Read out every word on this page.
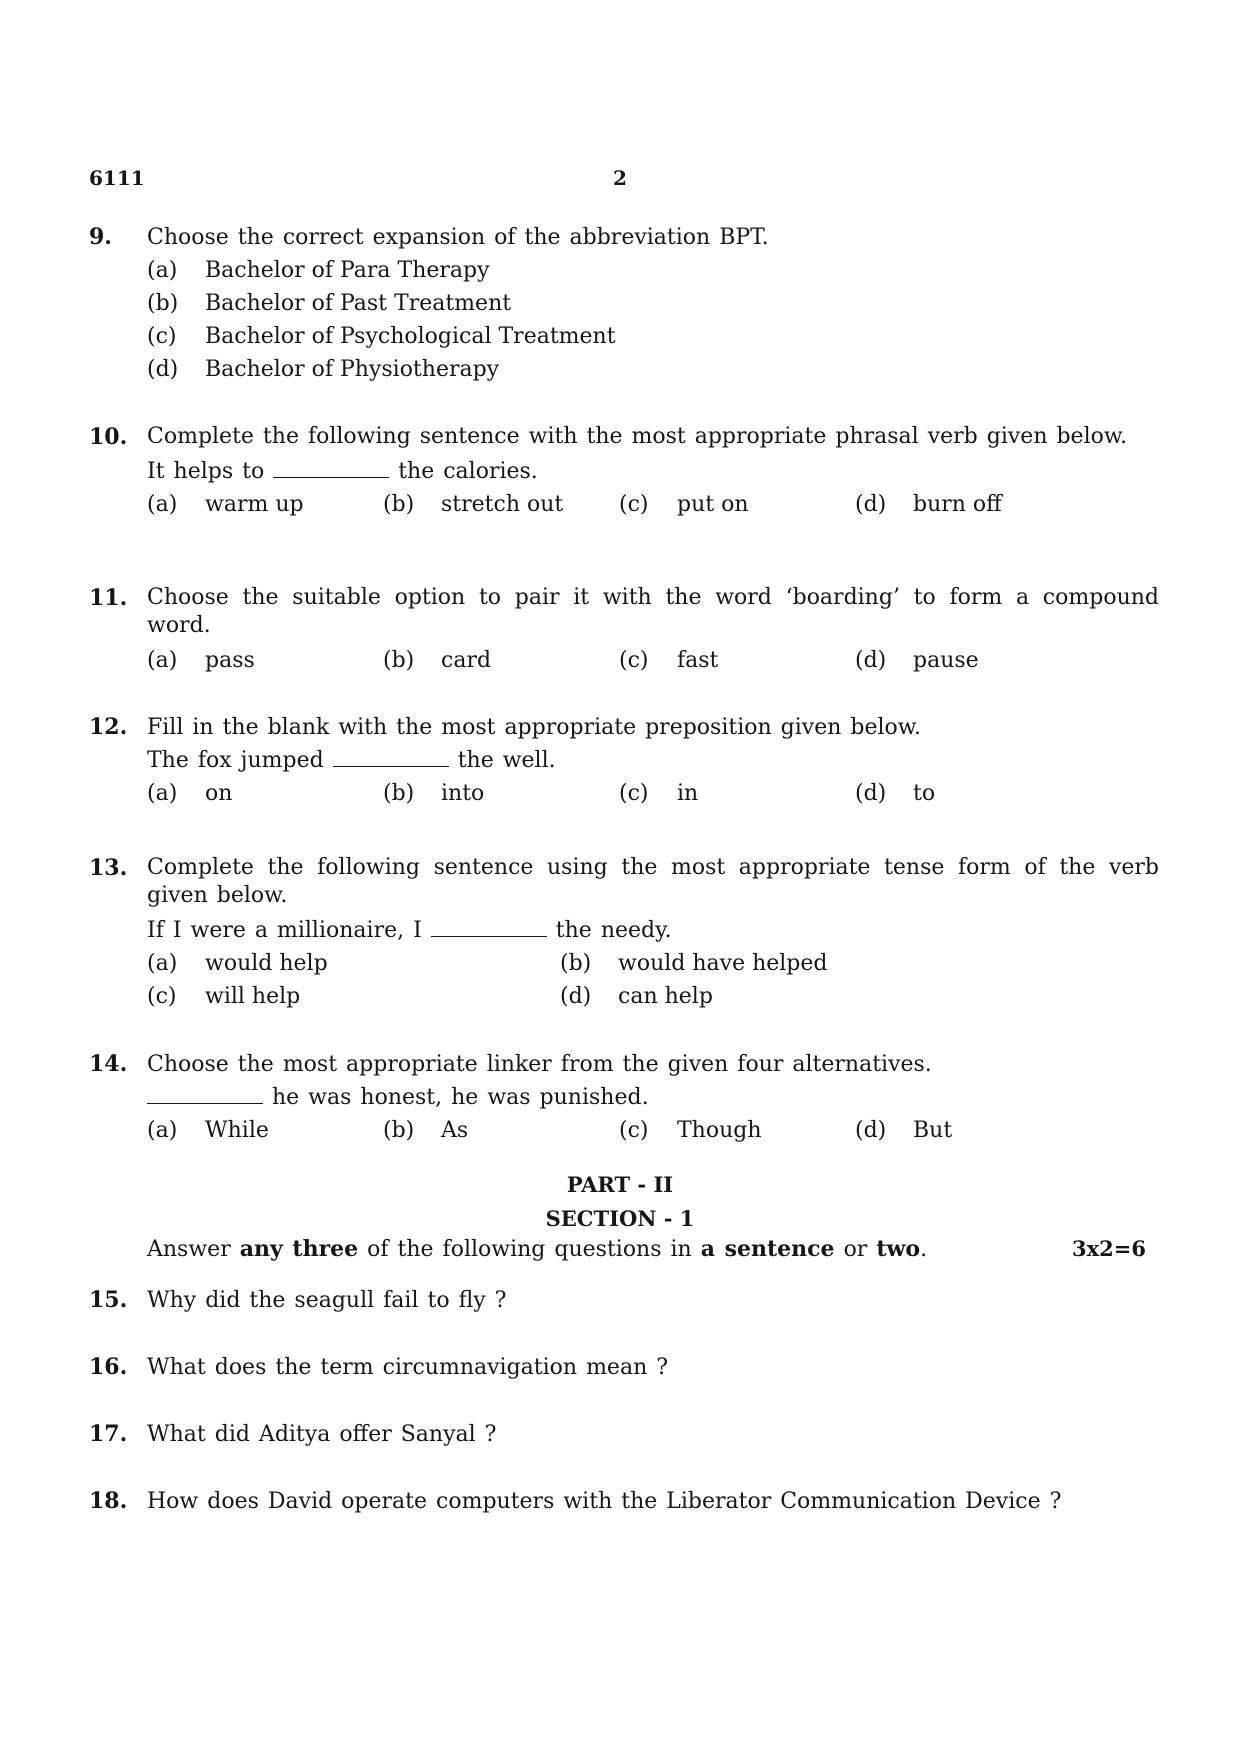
6111	2
9. Choose the correct expansion of the abbreviation BPT.
(a) Bachelor of Para Therapy
(b) Bachelor of Past Treatment
(c) Bachelor of Psychological Treatment
(d) Bachelor of Physiotherapy
10. Complete the following sentence with the most appropriate phrasal verb given below.
It helps to	the calories.
(a) warm up	(b) stretch out	(c) put on	(d) burn off
11. Choose the suitable option to pair it with the word ‘boarding’ to form a compound word.
(a) pass	(b) card	(c) fast	(d) pause
12. Fill in the blank with the most appropriate preposition given below.
The fox jumped	the well.
(a) on	(b) into	(c) in	(d) to
13. Complete the following sentence using the most appropriate tense form of the verb given below.
If I were a millionaire, I	the needy.
(a) would help	(b) would have helped
(c) will help	(d) can help
14. Choose the most appropriate linker from the given four alternatives.
he was honest, he was punished.
(a) While	(b) As	(c) Though	(d) But
PART - II
SECTION - 1
Answer any three of the following questions in a sentence or two.	3x2=6
15. Why did the seagull fail to fly ?
16. What does the term circumnavigation mean ?
17. What did Aditya offer Sanyal ?
18. How does David operate computers with the Liberator Communication Device ?
